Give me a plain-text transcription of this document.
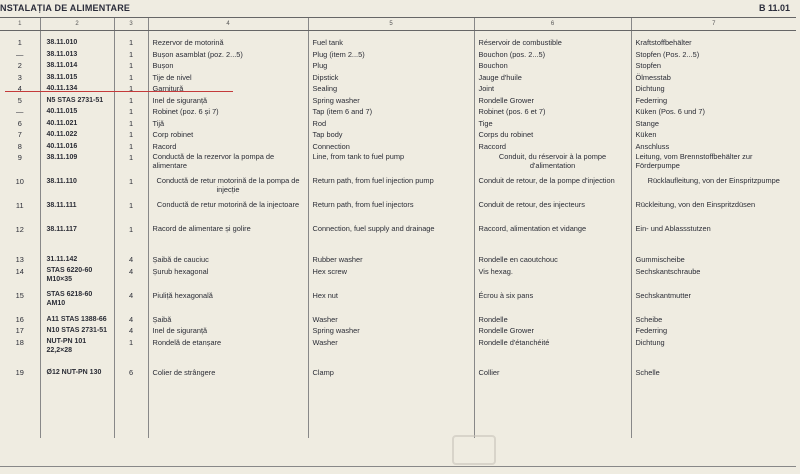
NSTALAȚIA DE ALIMENTARE	B 11.01
1	2	3	4	5	6	7

1	38.11.010	1	Rezervor de motorină	Fuel tank	Réservoir de combustible	Kraftstoffbehälter
—	38.11.013	1	Bușon asamblat (poz. 2...5)	Plug (item 2...5)	Bouchon (pos. 2...5)	Stopfen (Pos. 2...5)
2	38.11.014	1	Bușon	Plug	Bouchon	Stopfen
3	38.11.015	1	Tije de nivel	Dipstick	Jauge d'huile	Ölmesstab
4	40.11.134	1	Garnitură	Sealing	Joint	Dichtung
5	N5 STAS 2731-51	1	Inel de siguranță	Spring washer	Rondelle Grower	Federring
—	40.11.015	1	Robinet (poz. 6 și 7)	Tap (item 6 and 7)	Robinet (pos. 6 et 7)	Küken (Pos. 6 und 7)
6	40.11.021	1	Tijă	Rod	Tige	Stange
7	40.11.022	1	Corp robinet	Tap body	Corps du robinet	Küken
8	40.11.016	1	Racord	Connection	Raccord	Anschluss
9	38.11.109	1	Conductă de la rezervor la pompa de alimentare	Line, from tank to fuel pump	Conduit, du réservoir à la pompe d'alimentation	Leitung, vom Brennstoffbehälter zur Förderpumpe
10	38.11.110	1	Conductă de retur motorină de la pompa de injecție	Return path, from fuel injection pump	Conduit de retour, de la pompe d'injection	Rücklaufleitung, von der Einspritzpumpe
11	38.11.111	1	Conductă de retur motorină de la injectoare	Return path, from fuel injectors	Conduit de retour, des injecteurs	Rückleitung, von den Einspritzdüsen
12	38.11.117	1	Racord de alimentare și golire	Connection, fuel supply and drainage	Raccord, alimentation et vidange	Ein- und Ablassstutzen

13	31.11.142	4	Șaibă de cauciuc	Rubber washer	Rondelle en caoutchouc	Gummischeibe
14	STAS 6220-60 M10×35	4	Șurub hexagonal	Hex screw	Vis hexag.	Sechskantschraube
15	STAS 6218-60 AM10	4	Piuliță hexagonală	Hex nut	Écrou à six pans	Sechskantmutter
16	A11 STAS 1388-66	4	Șaibă	Washer	Rondelle	Scheibe
17	N10 STAS 2731-51	4	Inel de siguranță	Spring washer	Rondelle Grower	Federring
18	NUT-PN 101 22,2×28	1	Rondelă de etanșare	Washer	Rondelle d'étanchéité	Dichtung

19	Ø12 NUT-PN 130	6	Colier de strângere	Clamp	Collier	Schelle
